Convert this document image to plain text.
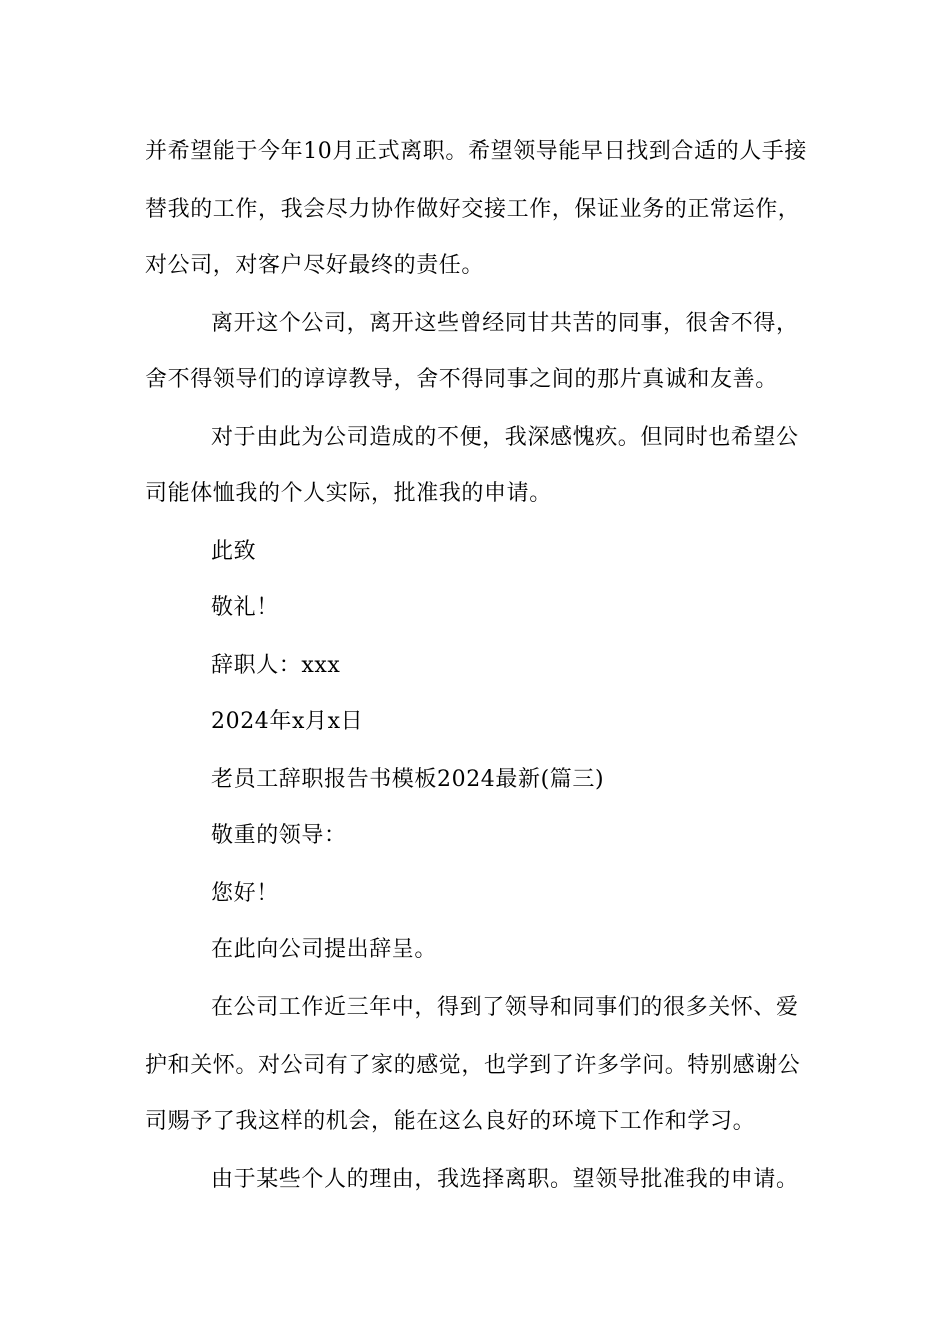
并希望能于今年10月正式离职。希望领导能早日找到合适的人手接
替我的工作，我会尽力协作做好交接工作，保证业务的正常运作，
对公司，对客户尽好最终的责任。
离开这个公司，离开这些曾经同甘共苦的同事，很舍不得，
舍不得领导们的谆谆教导，舍不得同事之间的那片真诚和友善。
对于由此为公司造成的不便，我深感愧疚。但同时也希望公
司能体恤我的个人实际，批准我的申请。
此致
敬礼！
辞职人：xxx
2024年x月x日
老员工辞职报告书模板2024最新(篇三)
敬重的领导：
您好！
在此向公司提出辞呈。
在公司工作近三年中，得到了领导和同事们的很多关怀、爱
护和关怀。对公司有了家的感觉，也学到了许多学问。特别感谢公
司赐予了我这样的机会，能在这么良好的环境下工作和学习。
由于某些个人的理由，我选择离职。望领导批准我的申请。
